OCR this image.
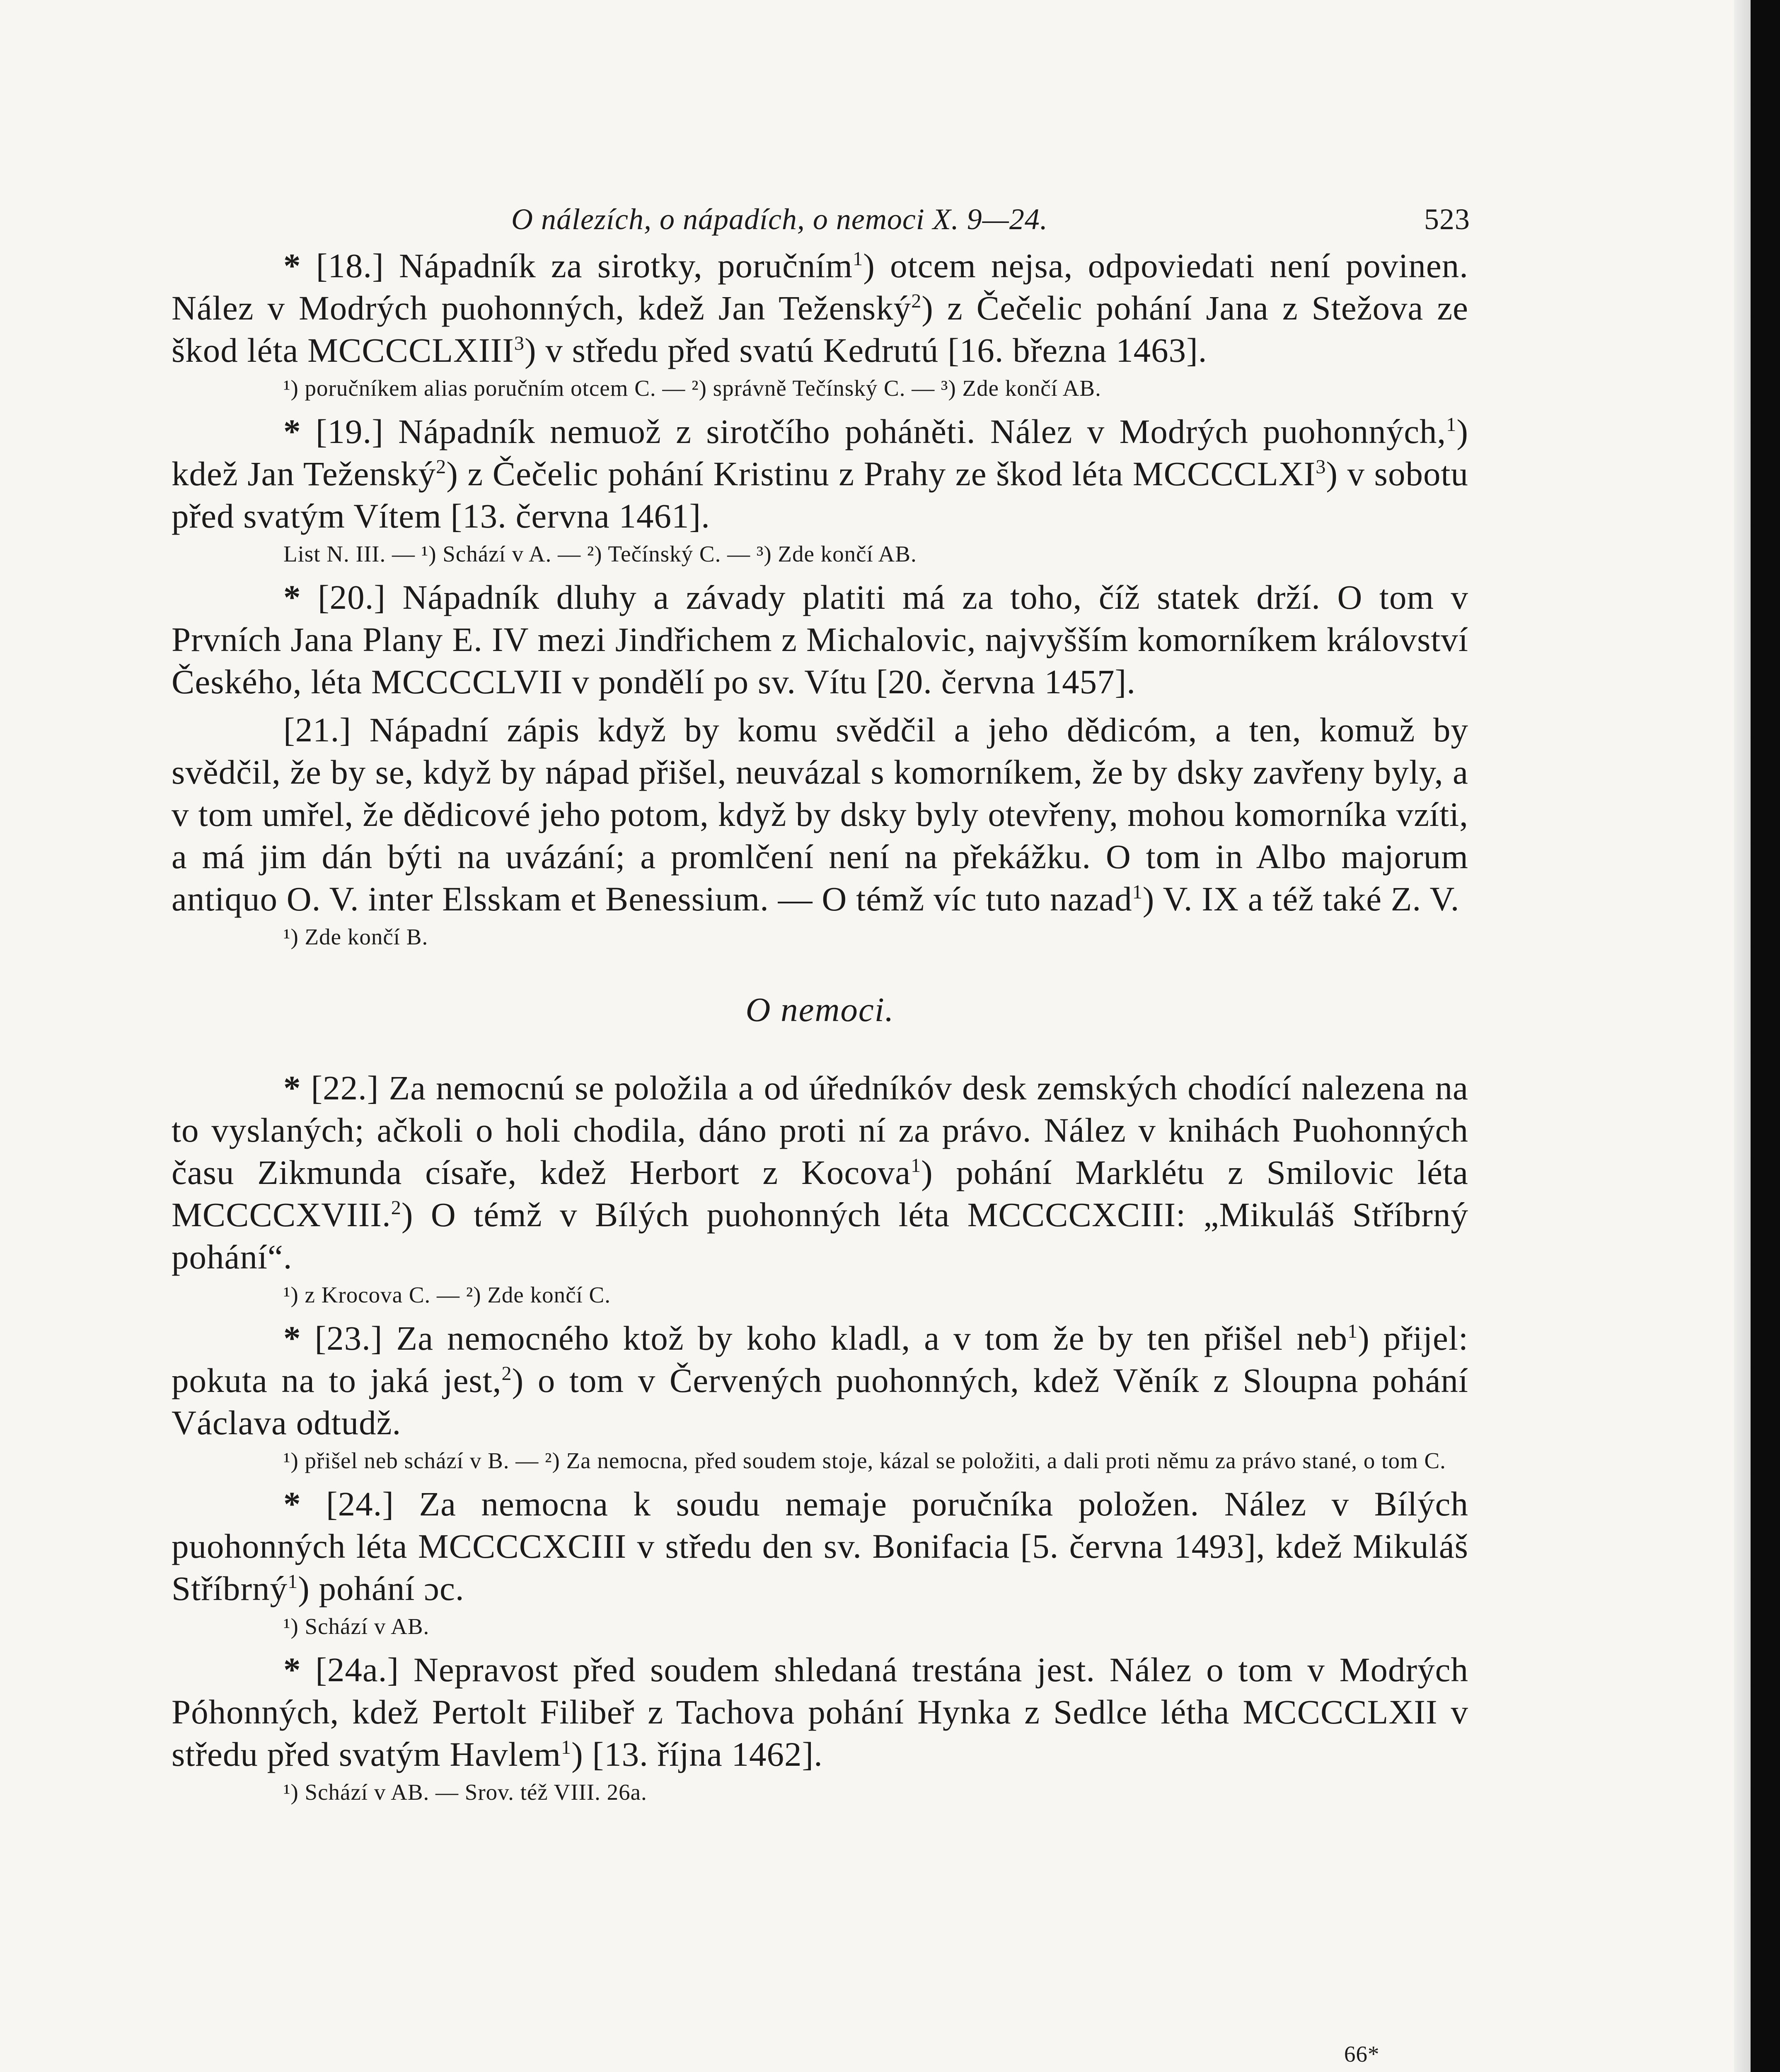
O nálezích, o nápadích, o nemoci X. 9—24.	523

* [18.] Nápadník za sirotky, poručním$^1$) otcem nejsa, odpoviedati není povinen. Nález v Modrých puohonných, kdež Jan Teženský$^2$) z Čečelic pohání Jana z Stežova ze škod léta MCCCCLXIII$^3$) v středu před svatú Kedrutú [16. března 1463].

¹) poručníkem alias poručním otcem C. — ²) správně Tečínský C. — ³) Zde končí AB.

* [19.] Nápadník nemuož z sirotčího poháněti. Nález v Modrých puohonných,$^1$) kdež Jan Teženský$^2$) z Čečelic pohání Kristinu z Prahy ze škod léta MCCCCLXI$^3$) v sobotu před svatým Vítem [13. června 1461].

List N. III. — ¹) Schází v A. — ²) Tečínský C. — ³) Zde končí AB.

* [20.] Nápadník dluhy a závady platiti má za toho, číž statek drží. O tom v Prvních Jana Plany E. IV mezi Jindřichem z Michalovic, najvyšším komorníkem království Českého, léta MCCCCLVII v pondělí po sv. Vítu [20. června 1457].

[21.] Nápadní zápis když by komu svědčil a jeho dědicóm, a ten, komuž by svědčil, že by se, když by nápad přišel, neuvázal s komorníkem, že by dsky zavřeny byly, a v tom umřel, že dědicové jeho potom, když by dsky byly otevřeny, mohou komorníka vzíti, a má jim dán býti na uvázání; a promlčení není na překážku. O tom in Albo majorum antiquo O. V. inter Elsskam et Benessium. — O témž víc tuto nazad$^1$) V. IX a též také Z. V.

¹) Zde končí B.
O nemoci.

* [22.] Za nemocnú se položila a od úředníkóv desk zemských chodící nalezena na to vyslaných; ačkoli o holi chodila, dáno proti ní za právo. Nález v knihách Puohonných času Zikmunda císaře, kdež Herbort z Kocova$^1$) pohání Marklétu z Smilovic léta MCCCCXVIII.$^2$) O témž v Bílých puohonných léta MCCCCXCIII: „Mikuláš Stříbrný pohání“.

¹) z Krocova C. — ²) Zde končí C.

* [23.] Za nemocného ktož by koho kladl, a v tom že by ten přišel neb$^1$) přijel: pokuta na to jaká jest,$^2$) o tom v Červených puohonných, kdež Věník z Sloupna pohání Václava odtudž.

¹) přišel neb schází v B. — ²) Za nemocna, před soudem stoje, kázal se položiti, a dali proti němu za právo stané, o tom C.

* [24.] Za nemocna k soudu nemaje poručníka položen. Nález v Bílých puohonných léta MCCCCXCIII v středu den sv. Bonifacia [5. června 1493], kdež Mikuláš Stříbrný$^1$) pohání ɔc.

¹) Schází v AB.

* [24a.] Nepravost před soudem shledaná trestána jest. Nález o tom v Modrých Póhonných, kdež Pertolt Filibeř z Tachova pohání Hynka z Sedlce létha MCCCCLXII v středu před svatým Havlem$^1$) [13. října 1462].

¹) Schází v AB. — Srov. též VIII. 26a.
66*
